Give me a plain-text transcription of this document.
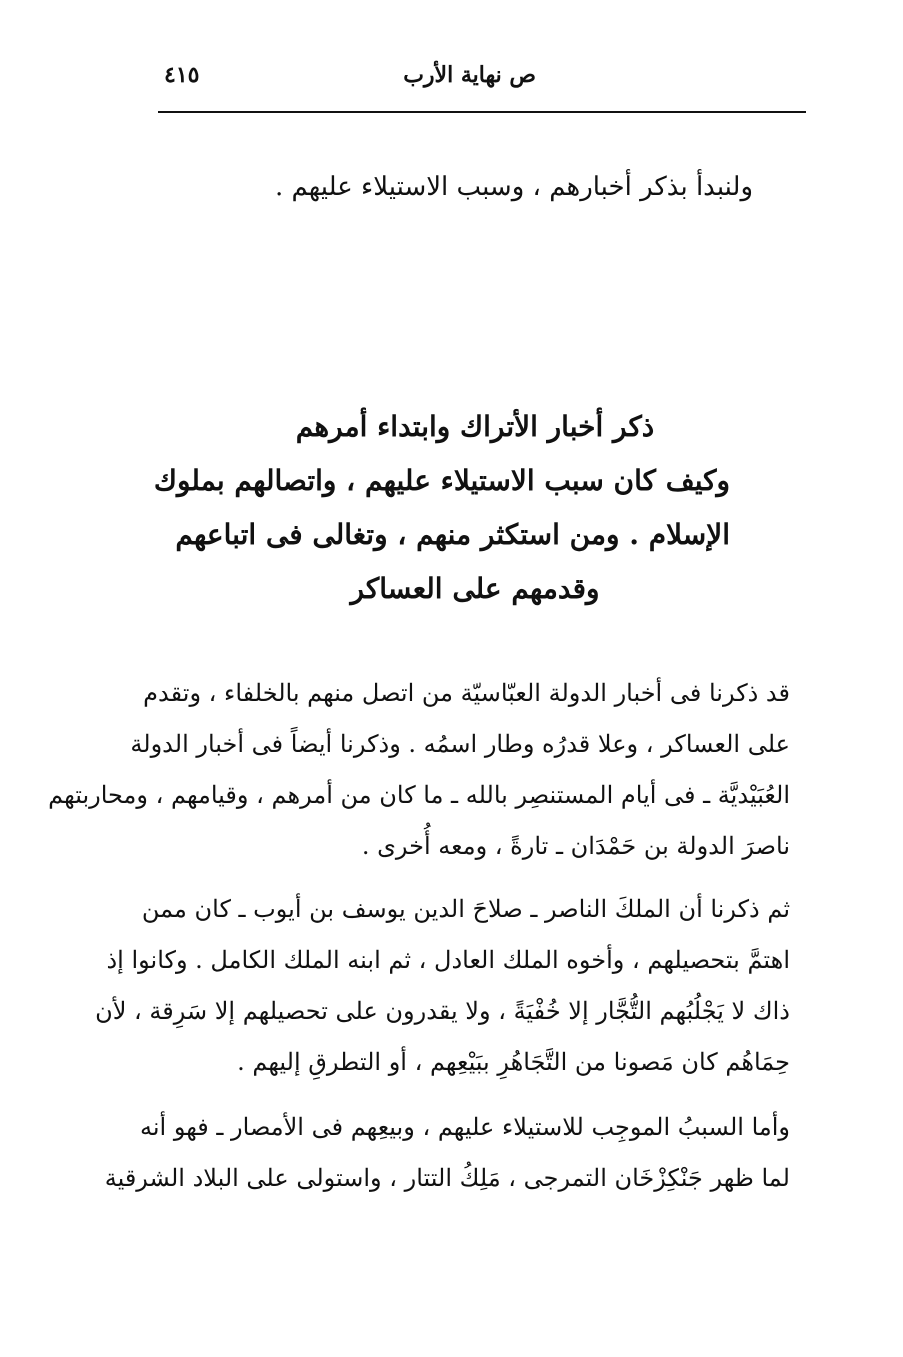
ص نهاية الأرب
٤١٥
ولنبدأ بذكر أخبارهم ، وسبب الاستيلاء عليهم .
ذكر أخبار الأتراك وابتداء أمرهم
وكيف كان سبب الاستيلاء عليهم ، واتصالهم بملوك
الإسلام . ومن استكثر منهم ، وتغالى فى اتباعهم
وقدمهم على العساكر
قد ذكرنا فى أخبار الدولة العبّاسيّة من اتصل منهم بالخلفاء ، وتقدم
على العساكر ، وعلا قدرُه وطار اسمُه . وذكرنا أيضاً فى أخبار الدولة
العُبَيْديَّة ـ فى أيام المستنصِر بالله ـ ما كان من أمرهم ، وقيامهم ، ومحاربتهم
ناصرَ الدولة بن حَمْدَان ـ تارةً ، ومعه أُخرى .
ثم ذكرنا أن الملكَ الناصر ـ صلاحَ الدين يوسف بن أيوب ـ كان ممن
اهتمَّ بتحصيلهم ، وأخوه الملك العادل ، ثم ابنه الملك الكامل . وكانوا إذ
ذاك لا يَجْلُبُهم التُّجَّار إلا خُفْيَةً ، ولا يقدرون على تحصيلهم إلا سَرِقة ، لأن
حِمَاهُم كان مَصونا من التَّجَاهُرِ ببَيْعِهم ، أو التطرقِ إليهم .
وأما السببُ الموجِب للاستيلاء عليهم ، وبيعِهم فى الأمصار ـ فهو أنه
لما ظهر جَنْكِزْخَان التمرجى ، مَلِكُ التتار ، واستولى على البلاد الشرقية
